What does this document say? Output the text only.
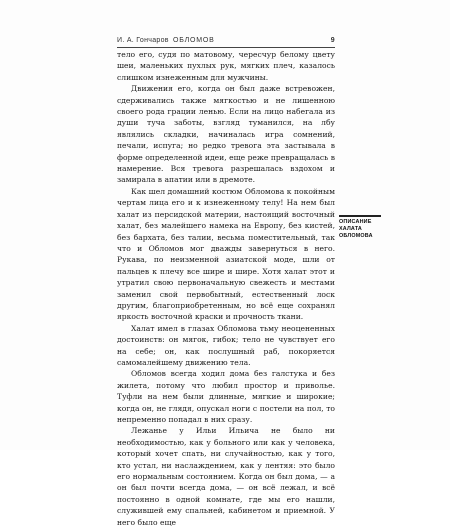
И. А. Гончаров ОБЛОМОВ	9

тело его, судя по матовому, чересчур белому цвету шеи, маленьких пухлых рук, мягких плеч, казалось слишком изнеженным для мужчины.

Движения его, когда он был даже встревожен, сдерживались также мягкостью и не лишенною своего рода грации ленью. Если на лицо набегала из души туча заботы, взгляд туманился, на лбу являлись складки, начиналась игра сомнений, печали, испуга; но редко тревога эта застывала в форме определенной идеи, еще реже превращалась в намерение. Вся тревога разрешалась вздохом и замирала в апатии или в дремоте.

Как шел домашний костюм Обломова к покойным чертам лица его и к изнеженному телу! На нем был халат из персидской материи, настоящий восточный халат, без малейшего намека на Европу, без кистей, без бархата, без талии, весьма поместительный, так что и Обломов мог дважды завернуться в него. Рукава, по неизменной азиатской моде, шли от пальцев к плечу все шире и шире. Хотя халат этот и утратил свою первоначальную свежесть и местами заменил свой первобытный, естественный лоск другим, благоприобретенным, но всё еще сохранял яркость восточной краски и прочность ткани.

Халат имел в глазах Обломова тьму неоцененных достоинств: он мягок, гибок; тело не чувствует его на себе; он, как послушный раб, покоряется самомалейшему движению тела.

Обломов всегда ходил дома без галстука и без жилета, потому что любил простор и приволье. Туфли на нем были длинные, мягкие и широкие; когда он, не глядя, опускал ноги с постели на пол, то непременно попадал в них сразу.

Лежанье у Ильи Ильича не было ни необходимостью, как у больного или как у человека, который хочет спать, ни случайностью, как у того, кто устал, ни наслаждением, как у лентяя: это было его нормальным состоянием. Когда он был дома, — а он был почти всегда дома, — он всё лежал, и всё постоянно в одной комнате, где мы его нашли, служившей ему спальней, кабинетом и приемной. У него было еще

ОПИСАНИЕ
ХАЛАТА
ОБЛОМОВА
